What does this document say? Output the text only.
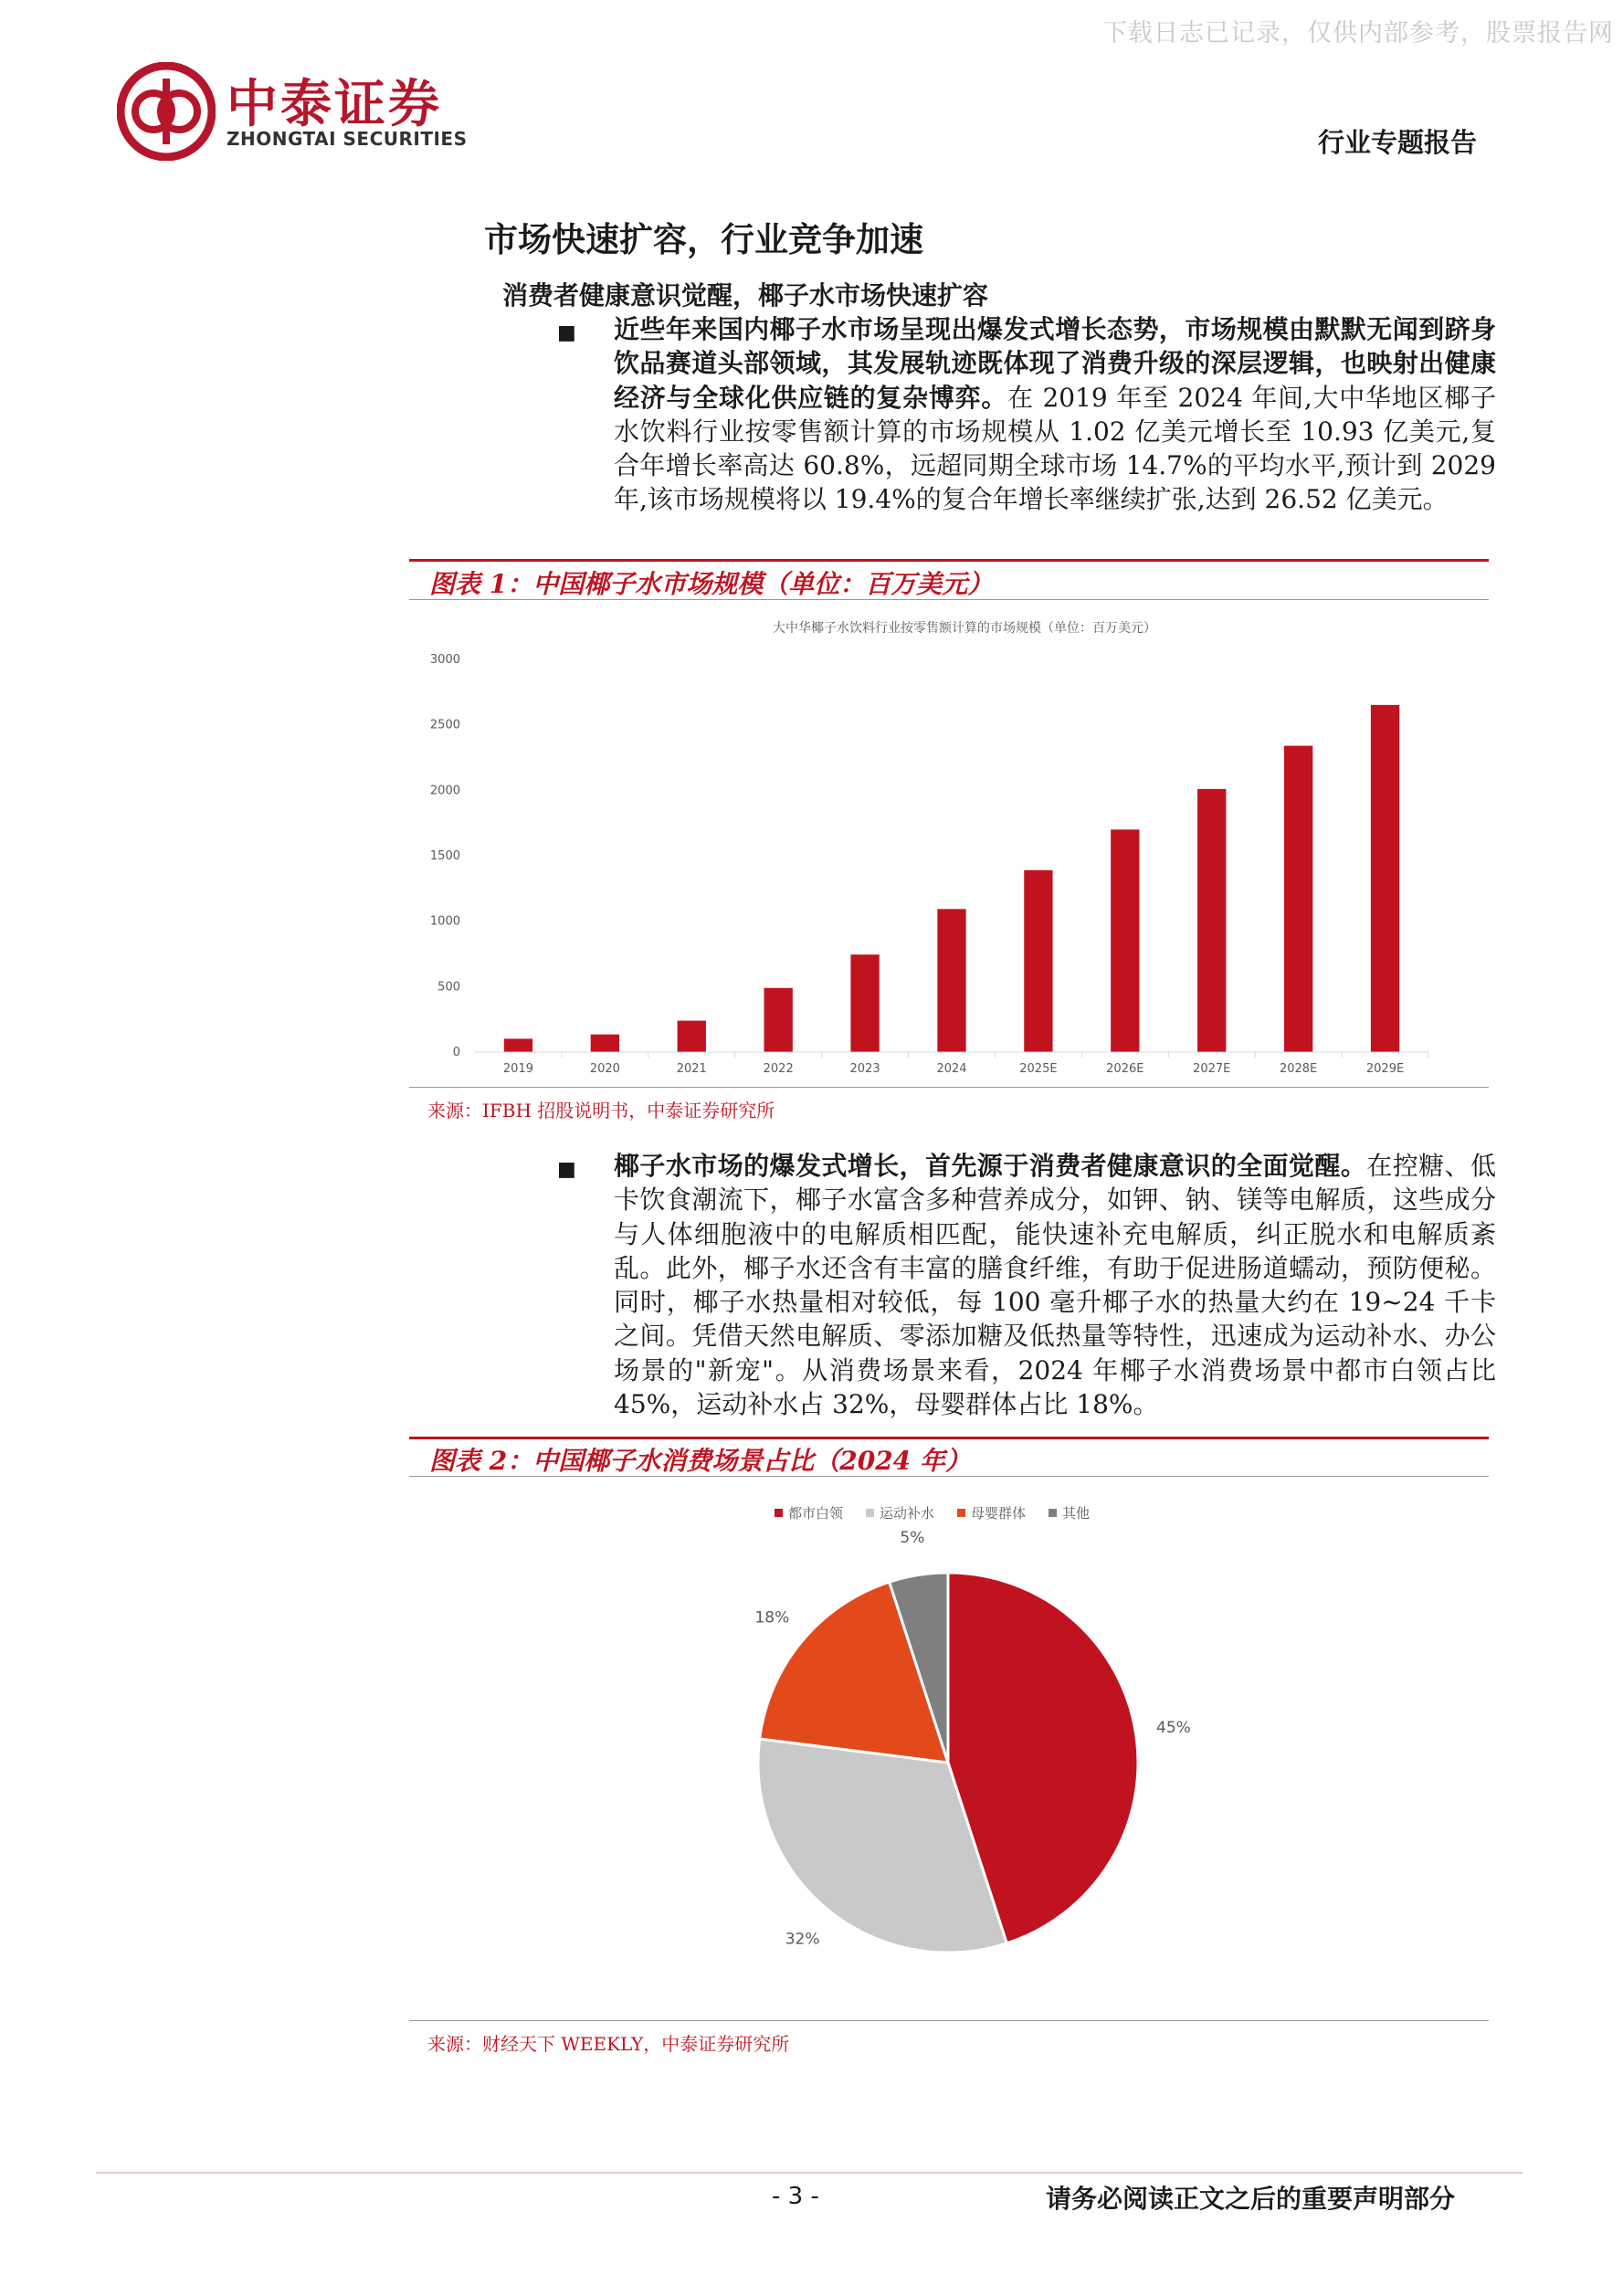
下载日志已记录，仅供内部参考，股票报告网
中泰证券
ZHONGTAI SECURITIES	行业专题报告
市场快速扩容，行业竞争加速
消费者健康意识觉醒，椰子水市场快速扩容
■ 近些年来国内椰子水市场呈现出爆发式增长态势，市场规模由默默无闻到跻身饮品赛道头部领域，其发展轨迹既体现了消费升级的深层逻辑，也映射出健康经济与全球化供应链的复杂博弈。在 2019 年至 2024 年间,大中华地区椰子水饮料行业按零售额计算的市场规模从 1.02 亿美元增长至 10.93 亿美元,复合年增长率高达 60.8%，远超同期全球市场 14.7%的平均水平,预计到 2029 年,该市场规模将以 19.4%的复合年增长率继续扩张,达到 26.52 亿美元。
图表 1：中国椰子水市场规模（单位：百万美元）
大中华椰子水饮料行业按零售额计算的市场规模（单位：百万美元）
0
500
1000
1500
2000
2500
3000
2019	2020	2021	2022	2023	2024	2025E	2026E	2027E	2028E	2029E
来源：IFBH 招股说明书，中泰证券研究所
■ 椰子水市场的爆发式增长，首先源于消费者健康意识的全面觉醒。在控糖、低卡饮食潮流下，椰子水富含多种营养成分，如钾、钠、镁等电解质，这些成分与人体细胞液中的电解质相匹配，能快速补充电解质，纠正脱水和电解质紊乱。此外，椰子水还含有丰富的膳食纤维，有助于促进肠道蠕动，预防便秘。同时，椰子水热量相对较低，每 100 毫升椰子水的热量大约在 19~24 千卡之间。凭借天然电解质、零添加糖及低热量等特性，迅速成为运动补水、办公场景的"新宠"。从消费场景来看，2024 年椰子水消费场景中都市白领占比 45%，运动补水占 32%，母婴群体占比 18%。
图表 2：中国椰子水消费场景占比（2024 年）
都市白领	运动补水	母婴群体	其他
45%
32%
18%
5%
来源：财经天下 WEEKLY，中泰证券研究所
- 3 -	请务必阅读正文之后的重要声明部分
